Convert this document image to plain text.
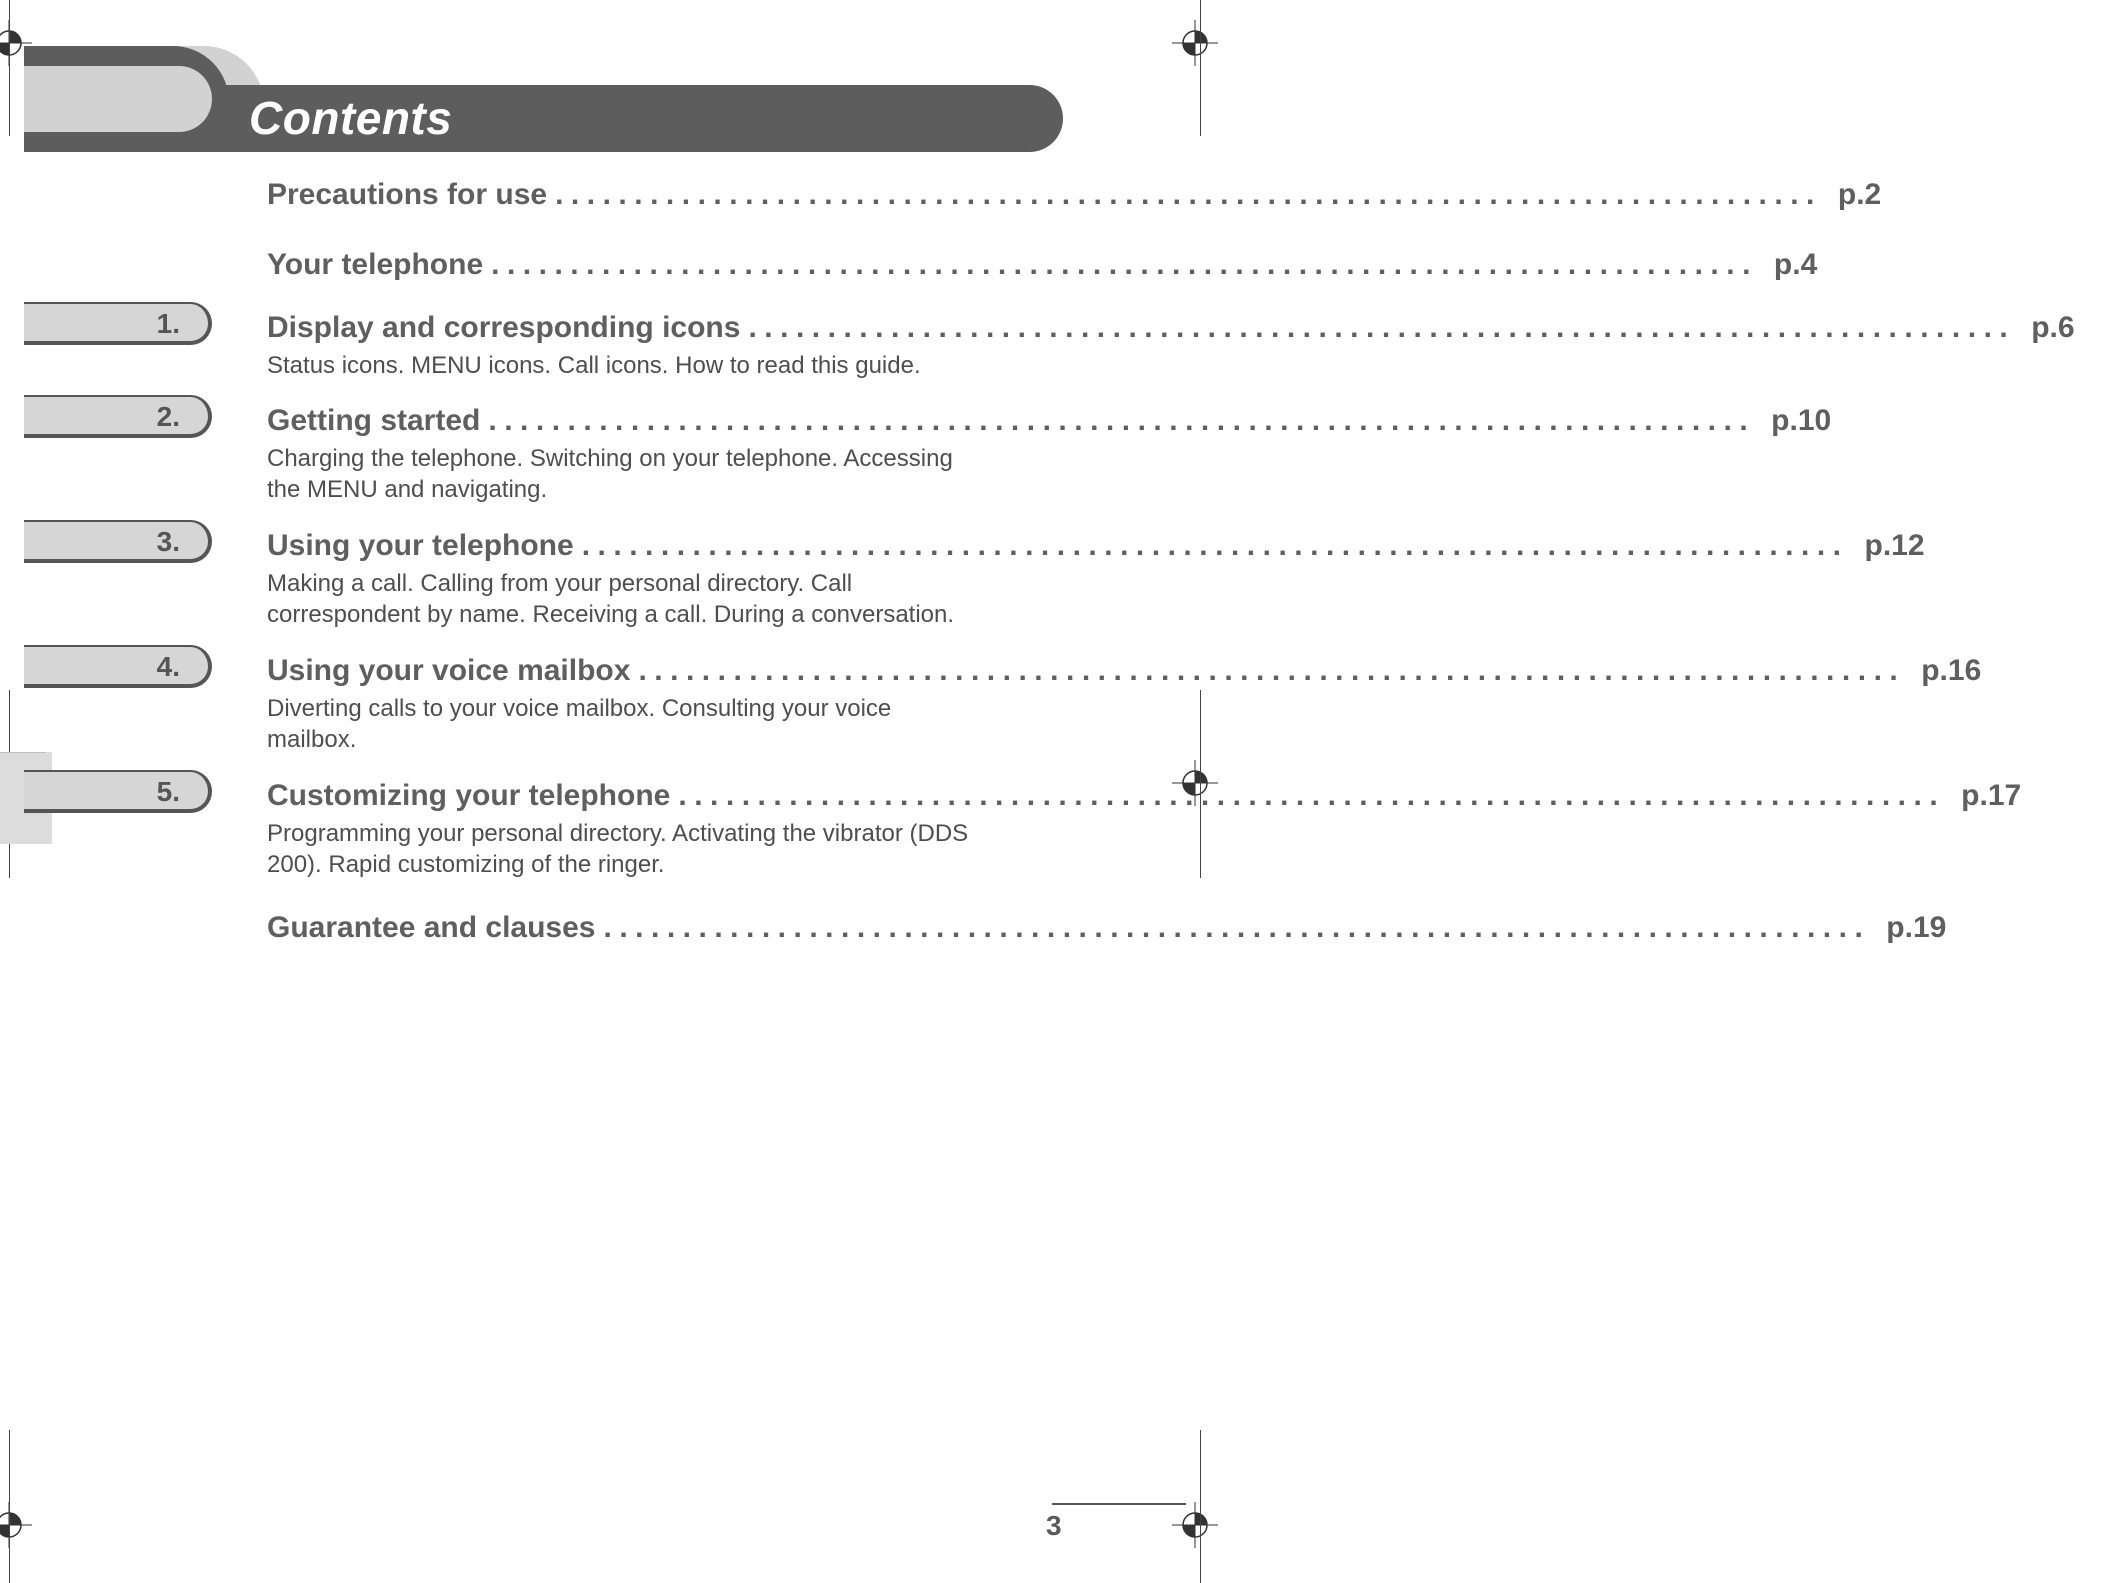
Contents
1.
2.
3.
4.
5.
Precautions for use ................................................................................ p.2
Your telephone ................................................................................ p.4
Display and corresponding icons ................................................................................ p.6
Status icons. MENU icons. Call icons. How to read this guide.
Getting started ................................................................................ p.10
Charging the telephone. Switching on your telephone. Accessing the MENU and navigating.
Using your telephone ................................................................................ p.12
Making a call. Calling from your personal directory. Call correspondent by name. Receiving a call. During a conversation.
Using your voice mailbox ................................................................................ p.16
Diverting calls to your voice mailbox. Consulting your voice mailbox.
Customizing your telephone ................................................................................ p.17
Programming your personal directory. Activating the vibrator (DDS 200). Rapid customizing of the ringer.
Guarantee and clauses ................................................................................ p.19
3
